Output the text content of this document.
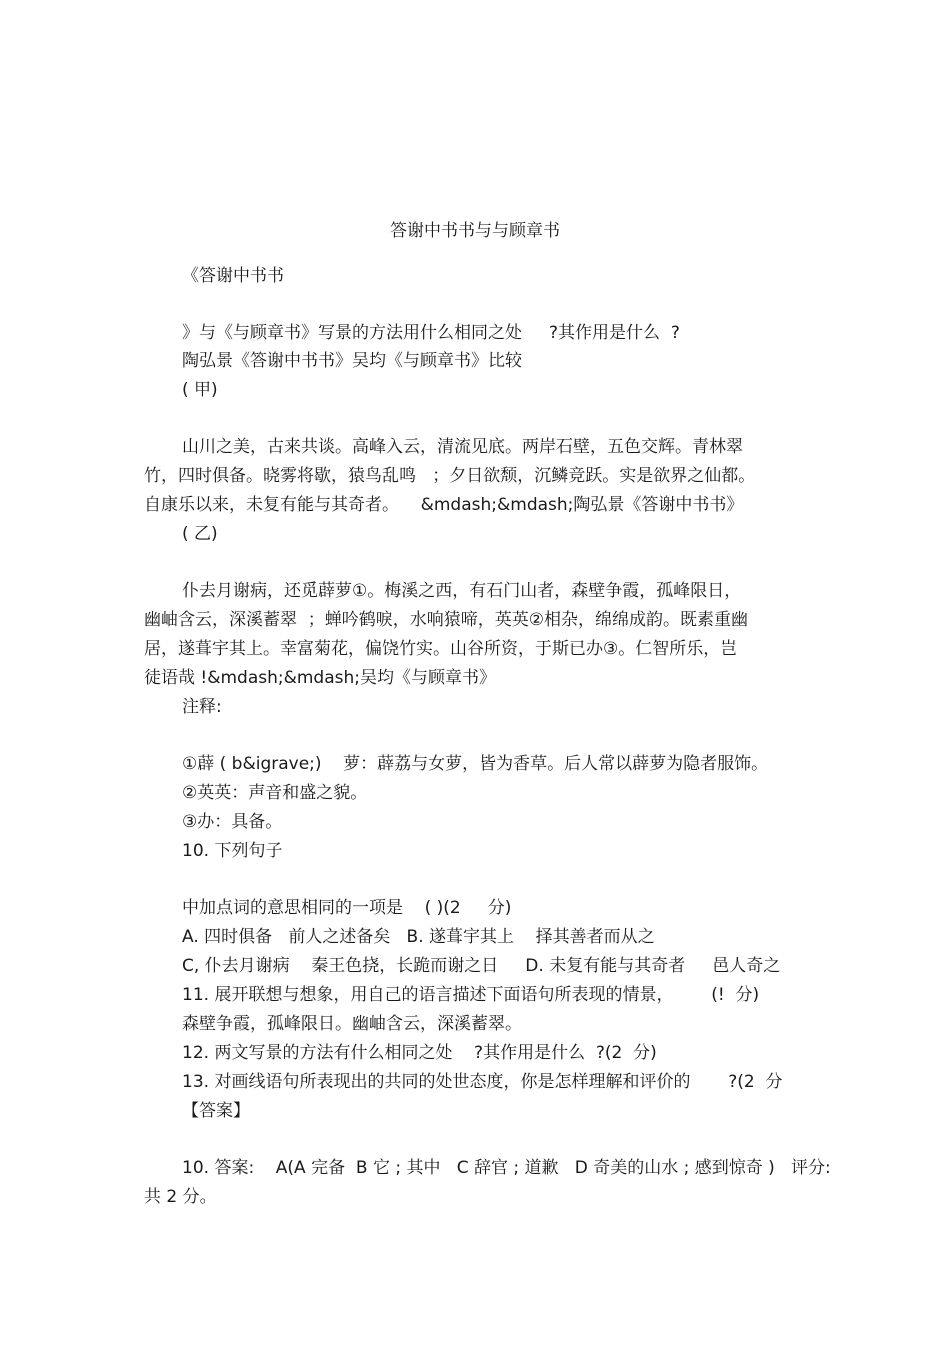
答谢中书书与与顾章书
《答谢中书书
》与《与顾章书》写景的方法用什么相同之处     ?其作用是什么  ?
陶弘景《答谢中书书》吴均《与顾章书》比较
( 甲)
山川之美，古来共谈。高峰入云，清流见底。两岸石壁，五色交辉。青林翠
竹，四时俱备。晓雾将歇，猿鸟乱鸣   ；夕日欲颓，沉鳞竞跃。实是欲界之仙都。
自康乐以来，未复有能与其奇者。    &mdash;&mdash;陶弘景《答谢中书书》
( 乙)
仆去月谢病，还觅薜萝①。梅溪之西，有石门山者，森壁争霞，孤峰限日，
幽岫含云，深溪蓄翠  ；蝉吟鹤唳，水响猿啼，英英②相杂，绵绵成韵。既素重幽
居，遂葺宇其上。幸富菊花，偏饶竹实。山谷所资，于斯已办③。仁智所乐，岂
徒语哉 !&mdash;&mdash;吴均《与顾章书》
注释:
①薜 ( b&igrave;)    萝：薜荔与女萝，皆为香草。后人常以薜萝为隐者服饰。
②英英：声音和盛之貌。
③办：具备。
10. 下列句子
中加点词的意思相同的一项是    ( )(2     分)
A. 四时俱备   前人之述备矣   B. 遂葺宇其上    择其善者而从之
C, 仆去月谢病    秦王色挠，长跪而谢之日     D. 未复有能与其奇者     邑人奇之
11. 展开联想与想象，用自己的语言描述下面语句所表现的情景，       (!  分)
森壁争霞，孤峰限日。幽岫含云，深溪蓄翠。
12. 两文写景的方法有什么相同之处    ?其作用是什么  ?(2  分)
13. 对画线语句所表现出的共同的处世态度，你是怎样理解和评价的       ?(2  分
【答案】
10. 答案:    A(A 完备  B 它 ; 其中   C 辞官 ; 道歉   D 奇美的山水 ; 感到惊奇 )   评分:
共 2 分。
